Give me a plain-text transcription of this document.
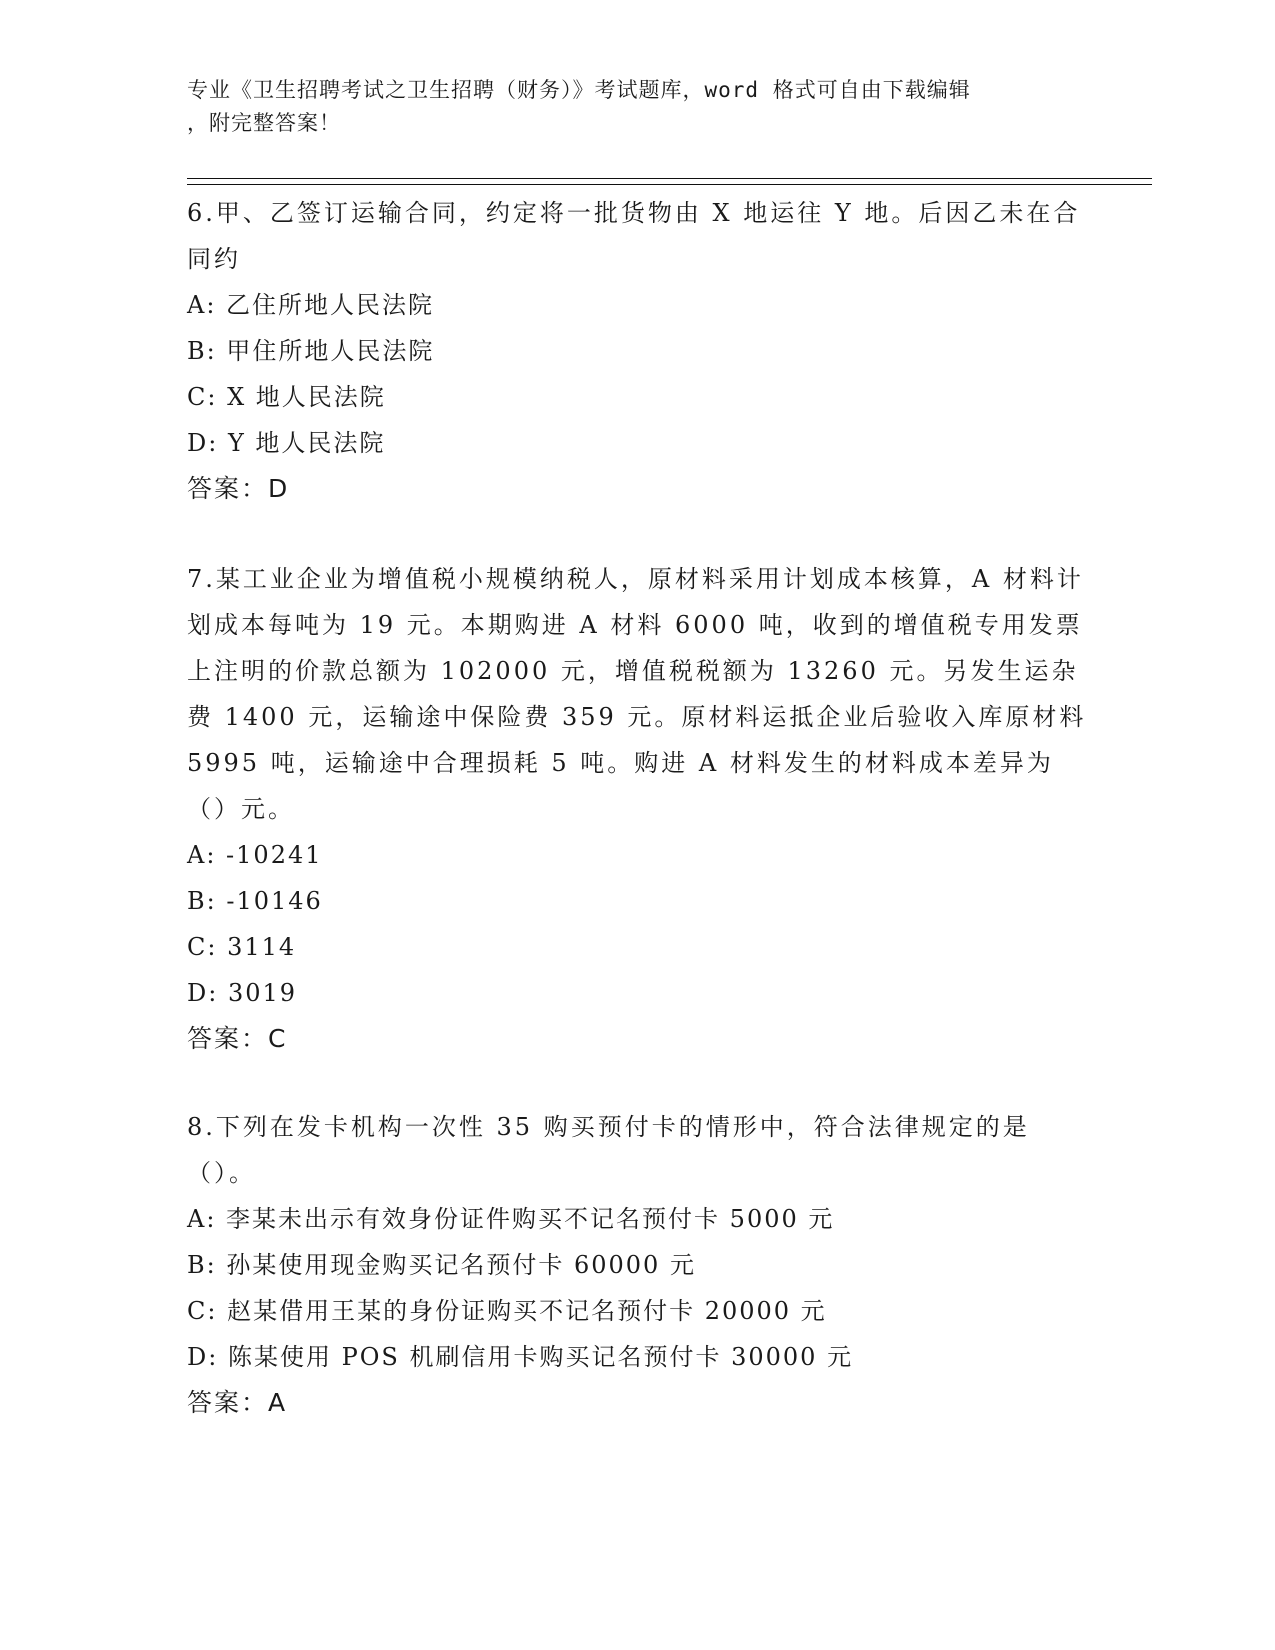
专业《卫生招聘考试之卫生招聘（财务）》考试题库，word 格式可自由下载编辑
，附完整答案！

6.甲、乙签订运输合同，约定将一批货物由 X 地运往 Y 地。后因乙未在合同约

A: 乙住所地人民法院

B: 甲住所地人民法院

C: X 地人民法院

D: Y 地人民法院

答案：D

7.某工业企业为增值税小规模纳税人，原材料采用计划成本核算，A 材料计划成本每吨为 19 元。本期购进 A 材料 6000 吨，收到的增值税专用发票上注明的价款总额为 102000 元，增值税税额为 13260 元。另发生运杂费 1400 元，运输途中保险费 359 元。原材料运抵企业后验收入库原材料 5995 吨，运输途中合理损耗 5 吨。购进 A 材料发生的材料成本差异为（）元。

A: -10241

B: -10146

C: 3114

D: 3019

答案：C

8.下列在发卡机构一次性 35 购买预付卡的情形中，符合法律规定的是（）。

A: 李某未出示有效身份证件购买不记名预付卡 5000 元

B: 孙某使用现金购买记名预付卡 60000 元

C: 赵某借用王某的身份证购买不记名预付卡 20000 元

D: 陈某使用 POS 机刷信用卡购买记名预付卡 30000 元

答案：A
